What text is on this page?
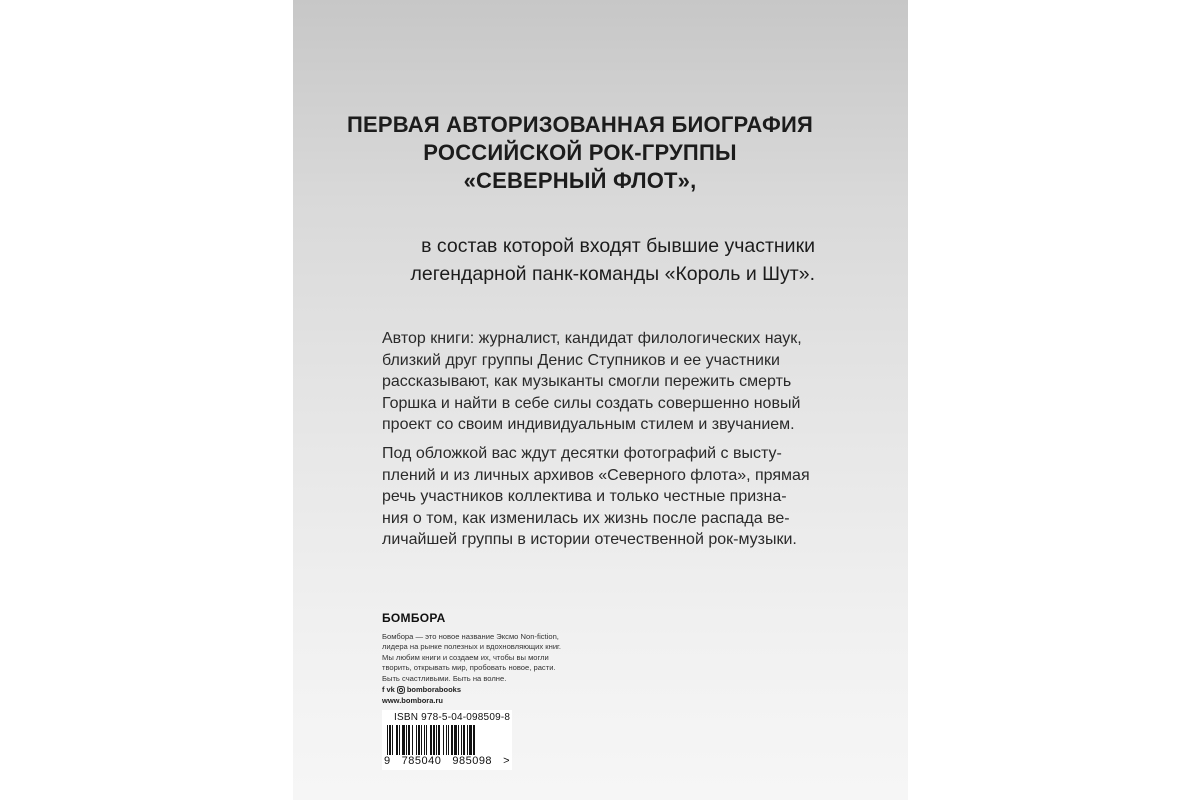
ПЕРВАЯ АВТОРИЗОВАННАЯ БИОГРАФИЯ
РОССИЙСКОЙ РОК-ГРУППЫ
«СЕВЕРНЫЙ ФЛОТ»,
в состав которой входят бывшие участники
легендарной панк-команды «Король и Шут».
Автор книги: журналист, кандидат филологических наук,
близкий друг группы Денис Ступников и ее участники
рассказывают, как музыканты смогли пережить смерть
Горшка и найти в себе силы создать совершенно новый
проект со своим индивидуальным стилем и звучанием.
Под обложкой вас ждут десятки фотографий с высту-
плений и из личных архивов «Северного флота», прямая
речь участников коллектива и только честные призна-
ния о том, как изменилась их жизнь после распада ве-
личайшей группы в истории отечественной рок-музыки.
БОМБОРА
Бомбора — это новое название Эксмо Non-fiction,
лидера на рынке полезных и вдохновляющих книг.
Мы любим книги и создаем их, чтобы вы могли
творить, открывать мир, пробовать новое, расти.
Быть счастливыми. Быть на волне.
f vk bomborabooks
www.bombora.ru
ISBN 978-5-04-098509-8
9 785040 985098 >
